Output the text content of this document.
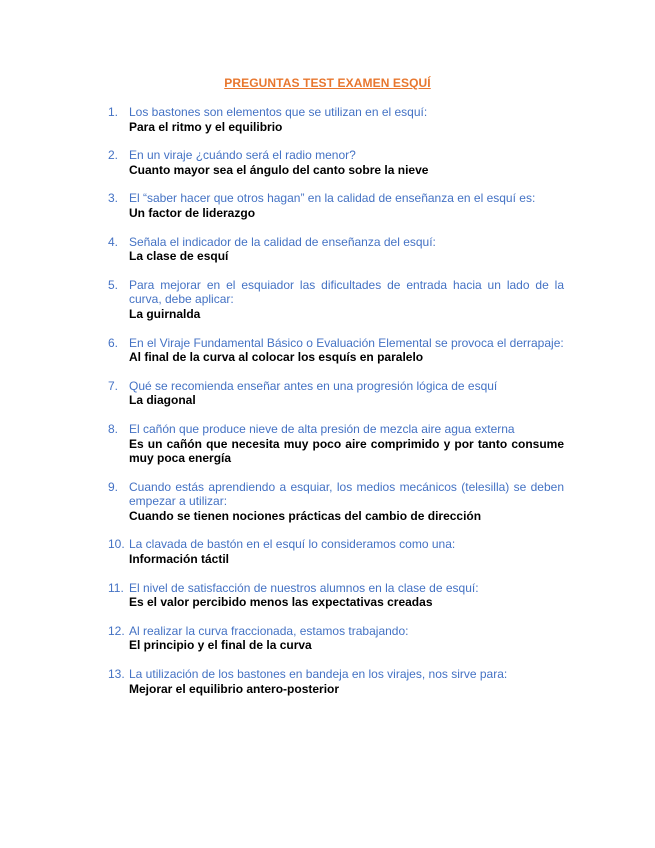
PREGUNTAS TEST EXAMEN ESQUÍ
1. Los bastones son elementos que se utilizan en el esquí:
Para el ritmo y el equilibrio
2. En un viraje ¿cuándo será el radio menor?
Cuanto mayor sea el ángulo del canto sobre la nieve
3. El “saber hacer que otros hagan” en la calidad de enseñanza en el esquí es:
Un factor de liderazgo
4. Señala el indicador de la calidad de enseñanza del esquí:
La clase de esquí
5. Para mejorar en el esquiador las dificultades de entrada hacia un lado de la curva, debe aplicar:
La guirnalda
6. En el Viraje Fundamental Básico o Evaluación Elemental se provoca el derrapaje:
Al final de la curva al colocar los esquís en paralelo
7. Qué se recomienda enseñar antes en una progresión lógica de esquí
La diagonal
8. El cañón que produce nieve de alta presión de mezcla aire agua externa
Es un cañón que necesita muy poco aire comprimido y por tanto consume muy poca energía
9. Cuando estás aprendiendo a esquiar, los medios mecánicos (telesilla) se deben empezar a utilizar:
Cuando se tienen nociones prácticas del cambio de dirección
10. La clavada de bastón en el esquí lo consideramos como una:
Información táctil
11. El nivel de satisfacción de nuestros alumnos en la clase de esquí:
Es el valor percibido menos las expectativas creadas
12. Al realizar la curva fraccionada, estamos trabajando:
El principio y el final de la curva
13. La utilización de los bastones en bandeja en los virajes, nos sirve para:
Mejorar el equilibrio antero-posterior
